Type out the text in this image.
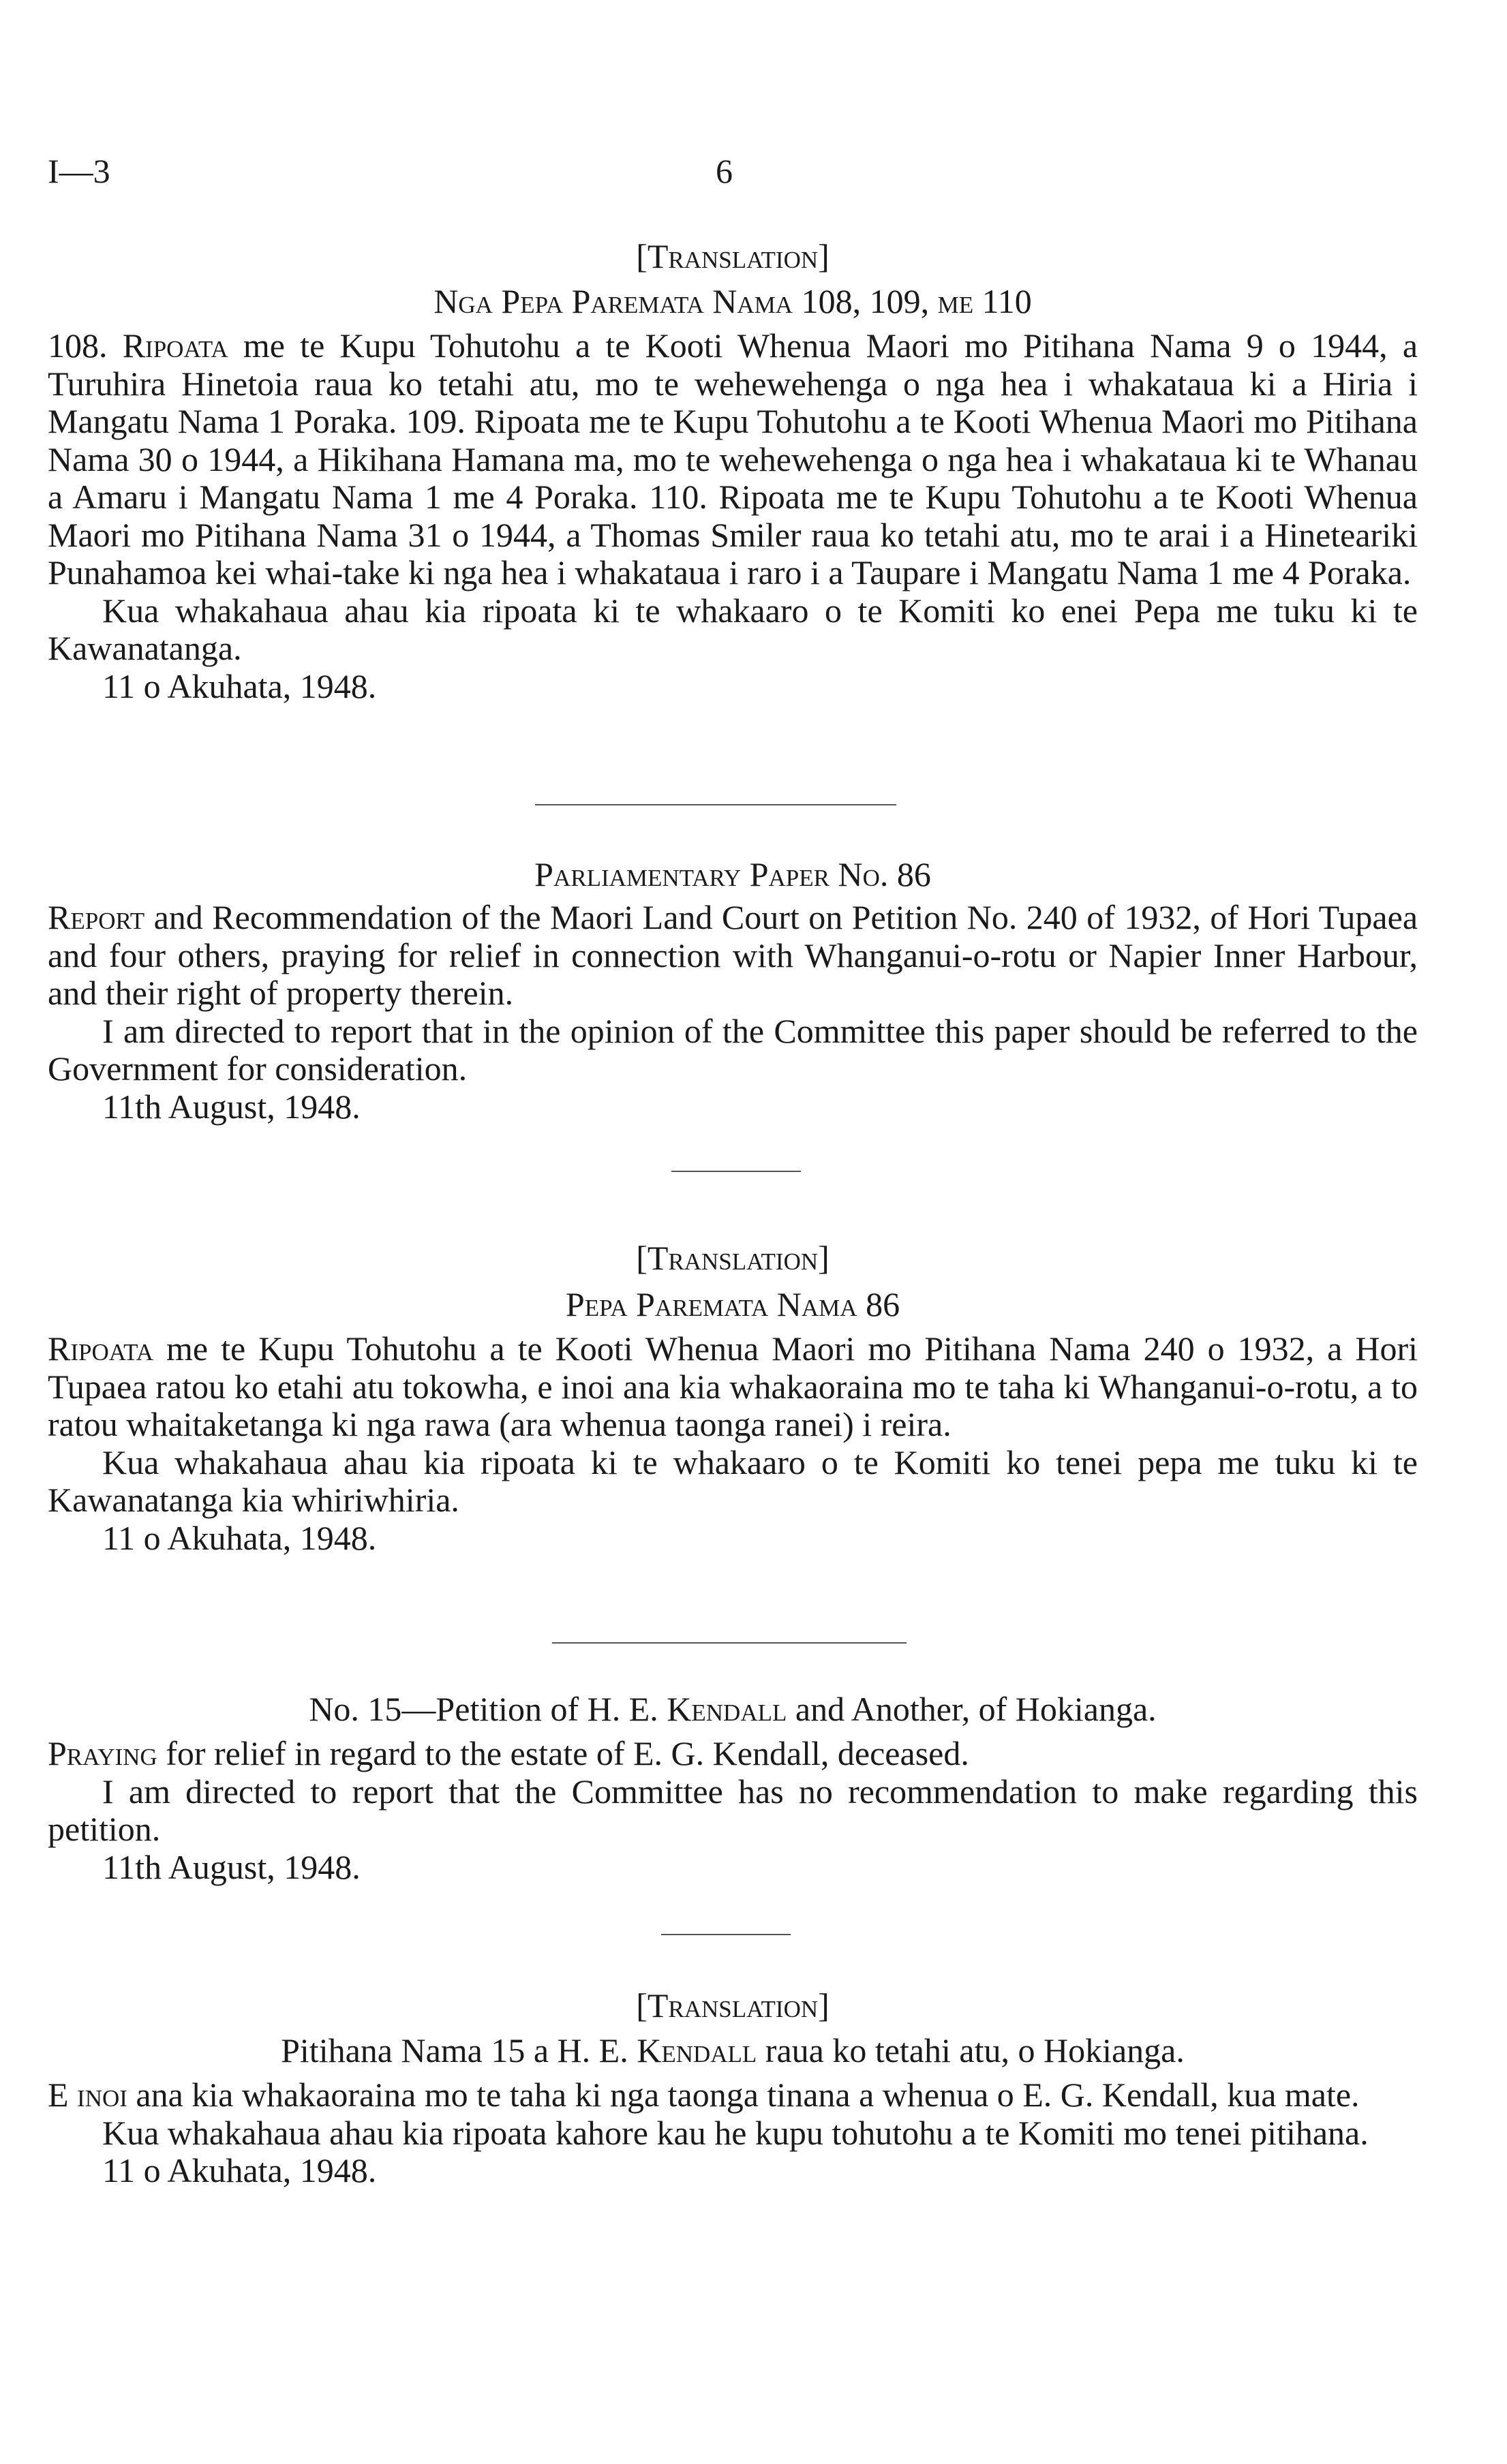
I—3	6
[Translation]
Nga Pepa Paremata Nama 108, 109, me 110

108. Ripoata me te Kupu Tohutohu a te Kooti Whenua Maori mo Pitihana Nama 9 o 1944, a Turuhira Hinetoia raua ko tetahi atu, mo te wehewehenga o nga hea i whakataua ki a Hiria i Mangatu Nama 1 Poraka. 109. Ripoata me te Kupu Tohutohu a te Kooti Whenua Maori mo Pitihana Nama 30 o 1944, a Hikihana Hamana ma, mo te wehewehenga o nga hea i whakataua ki te Whanau a Amaru i Mangatu Nama 1 me 4 Poraka. 110. Ripoata me te Kupu Tohutohu a te Kooti Whenua Maori mo Pitihana Nama 31 o 1944, a Thomas Smiler raua ko tetahi atu, mo te arai i a Hineteariki Punahamoa kei whai-take ki nga hea i whakataua i raro i a Taupare i Mangatu Nama 1 me 4 Poraka.

Kua whakahaua ahau kia ripoata ki te whakaaro o te Komiti ko enei Pepa me tuku ki te Kawanatanga.

11 o Akuhata, 1948.

Parliamentary Paper No. 86

Report and Recommendation of the Maori Land Court on Petition No. 240 of 1932, of Hori Tupaea and four others, praying for relief in connection with Whanganui-o-rotu or Napier Inner Harbour, and their right of property therein.

I am directed to report that in the opinion of the Committee this paper should be referred to the Government for consideration.

11th August, 1948.

[Translation]
Pepa Paremata Nama 86

Ripoata me te Kupu Tohutohu a te Kooti Whenua Maori mo Pitihana Nama 240 o 1932, a Hori Tupaea ratou ko etahi atu tokowha, e inoi ana kia whakaoraina mo te taha ki Whanganui-o-rotu, a to ratou whaitaketanga ki nga rawa (ara whenua taonga ranei) i reira.

Kua whakahaua ahau kia ripoata ki te whakaaro o te Komiti ko tenei pepa me tuku ki te Kawanatanga kia whiriwhiria.

11 o Akuhata, 1948.

No. 15—Petition of H. E. Kendall and Another, of Hokianga.

Praying for relief in regard to the estate of E. G. Kendall, deceased.

I am directed to report that the Committee has no recommendation to make regarding this petition.

11th August, 1948.

[Translation]
Pitihana Nama 15 a H. E. Kendall raua ko tetahi atu, o Hokianga.

E inoi ana kia whakaoraina mo te taha ki nga taonga tinana a whenua o E. G. Kendall, kua mate.

Kua whakahaua ahau kia ripoata kahore kau he kupu tohutohu a te Komiti mo tenei pitihana.

11 o Akuhata, 1948.
